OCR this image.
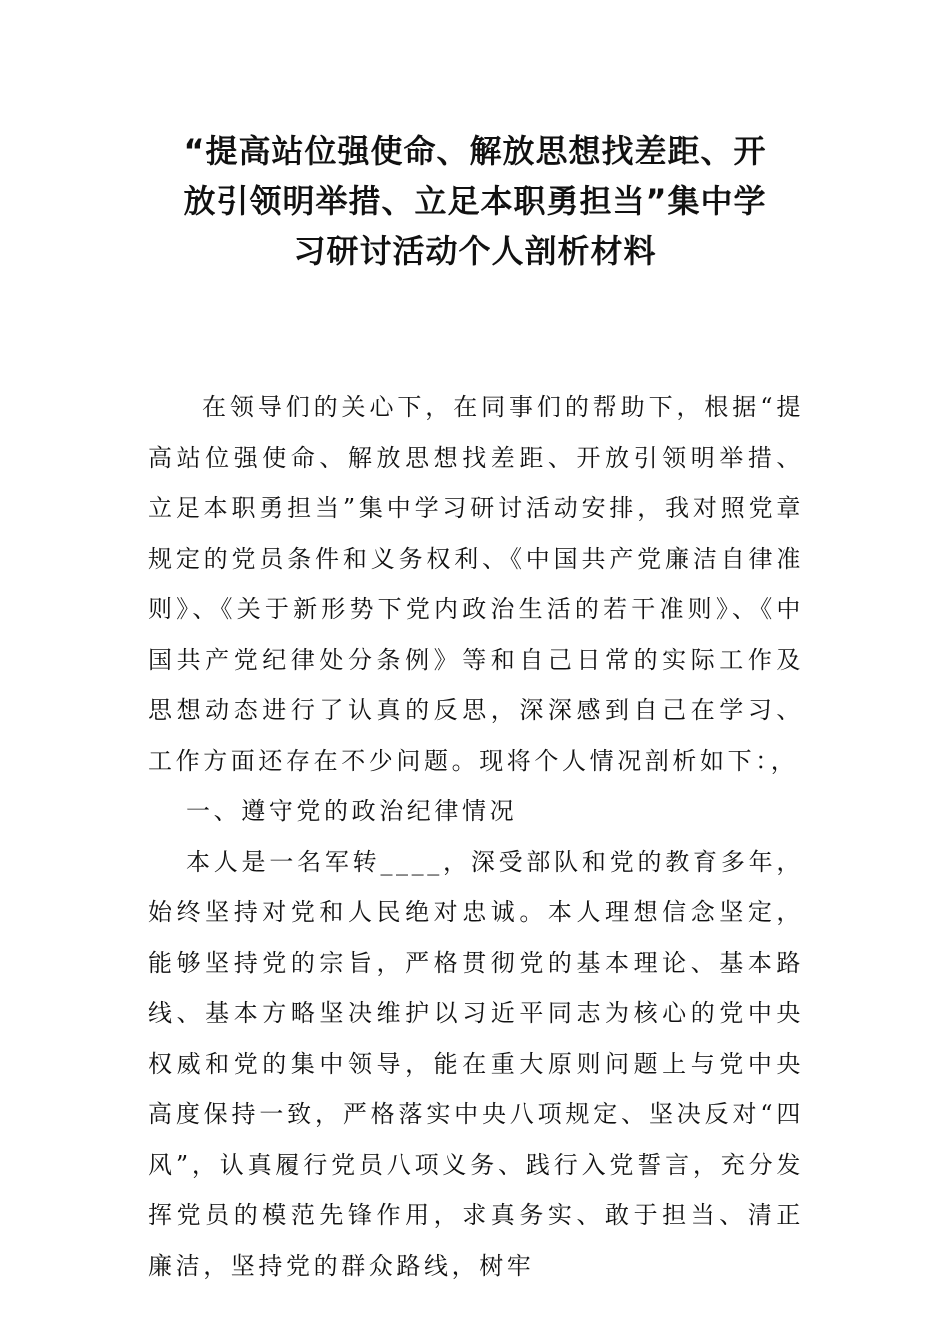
“提高站位强使命、解放思想找差距、开
放引领明举措、立足本职勇担当”集中学
习研讨活动个人剖析材料

在领导们的关心下，在同事们的帮助下，根据“提高站位强使命、解放思想找差距、开放引领明举措、立足本职勇担当”集中学习研讨活动安排，我对照党章规定的党员条件和义务权利、《中国共产党廉洁自律准则》、《关于新形势下党内政治生活的若干准则》、《中国共产党纪律处分条例》等和自己日常的实际工作及思想动态进行了认真的反思，深深感到自己在学习、工作方面还存在不少问题。现将个人情况剖析如下：，

一、遵守党的政治纪律情况

本人是一名军转____，深受部队和党的教育多年，始终坚持对党和人民绝对忠诚。本人理想信念坚定，能够坚持党的宗旨，严格贯彻党的基本理论、基本路线、基本方略坚决维护以习近平同志为核心的党中央权威和党的集中领导，能在重大原则问题上与党中央高度保持一致，严格落实中央八项规定、坚决反对“四风”，认真履行党员八项义务、践行入党誓言，充分发挥党员的模范先锋作用，求真务实、敢于担当、清正廉洁，坚持党的群众路线，树牢
